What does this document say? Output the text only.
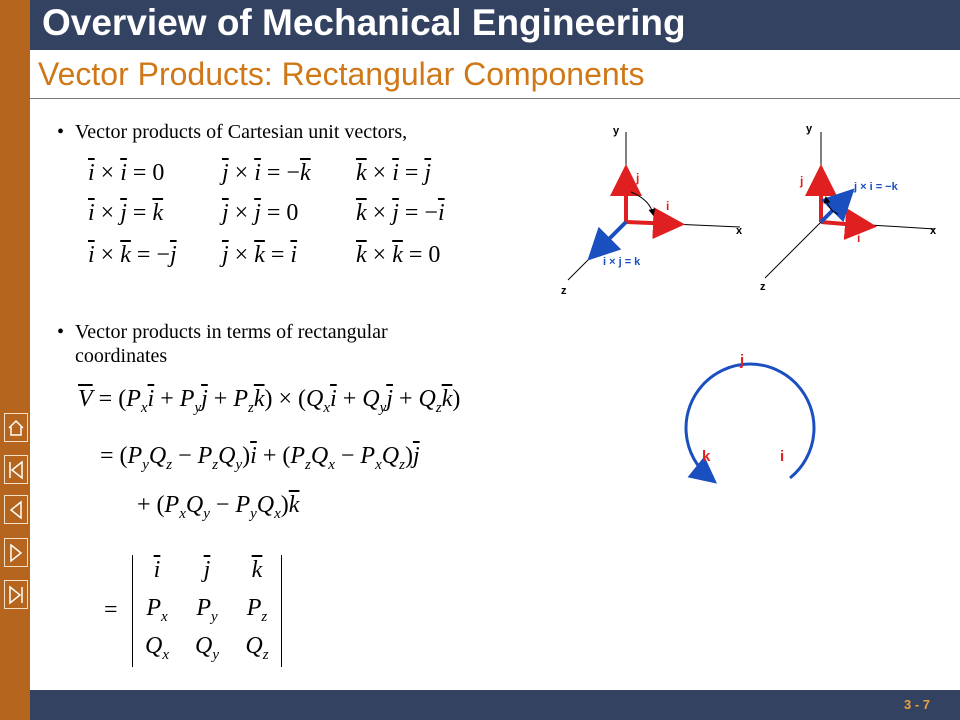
Overview of Mechanical Engineering
Vector Products: Rectangular Components
• Vector products of Cartesian unit vectors,
$\overline{i} \times \overline{i} = 0$ $\overline{j} \times \overline{i} = -\overline{k}$ $\overline{k} \times \overline{i} = \overline{j}$
$\overline{i} \times \overline{j} = \overline{k}$ $\overline{j} \times \overline{j} = 0$ $\overline{k} \times \overline{j} = -\overline{i}$
$\overline{i} \times \overline{k} = -\overline{j}$ $\overline{j} \times \overline{k} = \overline{i}$ $\overline{k} \times \overline{k} = 0$
• Vector products in terms of rectangular
coordinates
$\overline{V} = (P_x\overline{i} + P_y\overline{j} + P_z\overline{k}) \times (Q_x\overline{i} + Q_y\overline{j} + Q_z\overline{k})$
= $(P_yQ_z - P_zQ_y)\overline{i} + (P_zQ_x - P_xQ_z)\overline{j}$
+ $(P_xQ_y - P_yQ_x)\overline{k}$
=
$\overline{i}$	$\overline{j}$	$\overline{k}$
$P_x$	$P_y$	$P_z$
$Q_x$	$Q_y$	$Q_z$
y
x
z
j
i
i × j = k
y
x
z
j
i
j × i = −k
j
k	i
3 - 7
